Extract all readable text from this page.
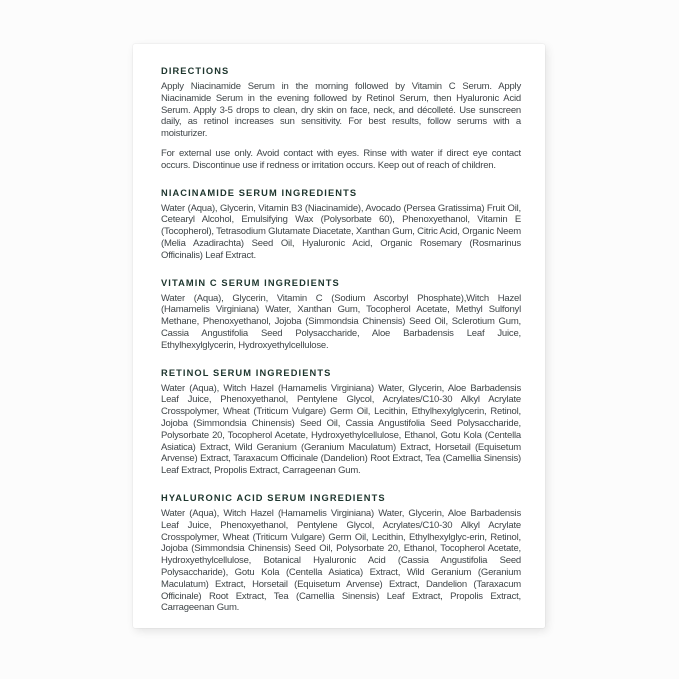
DIRECTIONS

Apply Niacinamide Serum in the morning followed by Vitamin C Serum. Apply Niacinamide Serum in the evening followed by Retinol Serum, then Hyaluronic Acid Serum. Apply 3-5 drops to clean, dry skin on face, neck, and décolleté. Use sunscreen daily, as retinol increases sun sensitivity. For best results, follow serums with a moisturizer.

For external use only. Avoid contact with eyes. Rinse with water if direct eye contact occurs. Discontinue use if redness or irritation occurs. Keep out of reach of children.

NIACINAMIDE SERUM INGREDIENTS

Water (Aqua), Glycerin, Vitamin B3 (Niacinamide), Avocado (Persea Gratissima) Fruit Oil, Cetearyl Alcohol, Emulsifying Wax (Polysorbate 60), Phenoxyethanol, Vitamin E (Tocopherol), Tetrasodium Glutamate Diacetate, Xanthan Gum, Citric Acid, Organic Neem (Melia Azadirachta) Seed Oil, Hyaluronic Acid, Organic Rosemary (Rosmarinus Officinalis) Leaf Extract.

VITAMIN C SERUM INGREDIENTS

Water (Aqua), Glycerin, Vitamin C (Sodium Ascorbyl Phosphate),Witch Hazel (Hamamelis Virginiana) Water, Xanthan Gum, Tocopherol Acetate, Methyl Sulfonyl Methane, Phenoxyethanol, Jojoba (Simmondsia Chinensis) Seed Oil, Sclerotium Gum, Cassia Angustifolia Seed Polysaccharide, Aloe Barbadensis Leaf Juice, Ethylhexylglycerin, Hydroxyethylcellulose.

RETINOL SERUM INGREDIENTS

Water (Aqua), Witch Hazel (Hamamelis Virginiana) Water, Glycerin, Aloe Barbadensis Leaf Juice, Phenoxyethanol, Pentylene Glycol, Acrylates/C10-30 Alkyl Acrylate Crosspolymer, Wheat (Triticum Vulgare) Germ Oil, Lecithin, Ethylhexylglycerin, Retinol, Jojoba (Simmondsia Chinensis) Seed Oil, Cassia Angustifolia Seed Polysaccharide, Polysorbate 20, Tocopherol Acetate, Hydroxyethylcellulose, Ethanol, Gotu Kola (Centella Asiatica) Extract, Wild Geranium (Geranium Maculatum) Extract, Horsetail (Equisetum Arvense) Extract, Taraxacum Officinale (Dandelion) Root Extract, Tea (Camellia Sinensis) Leaf Extract, Propolis Extract, Carrageenan Gum.

HYALURONIC ACID SERUM INGREDIENTS

Water (Aqua), Witch Hazel (Hamamelis Virginiana) Water, Glycerin, Aloe Barbadensis Leaf Juice, Phenoxyethanol, Pentylene Glycol, Acrylates/C10-30 Alkyl Acrylate Crosspolymer, Wheat (Triticum Vulgare) Germ Oil, Lecithin, Ethylhexylglyc-erin, Retinol, Jojoba (Simmondsia Chinensis) Seed Oil, Polysorbate 20, Ethanol, Tocopherol Acetate, Hydroxyethylcellulose, Botanical Hyaluronic Acid (Cassia Angustifolia Seed Polysaccharide), Gotu Kola (Centella Asiatica) Extract, Wild Geranium (Geranium Maculatum) Extract, Horsetail (Equisetum Arvense) Extract, Dandelion (Taraxacum Officinale) Root Extract, Tea (Camellia Sinensis) Leaf Extract, Propolis Extract, Carrageenan Gum.
